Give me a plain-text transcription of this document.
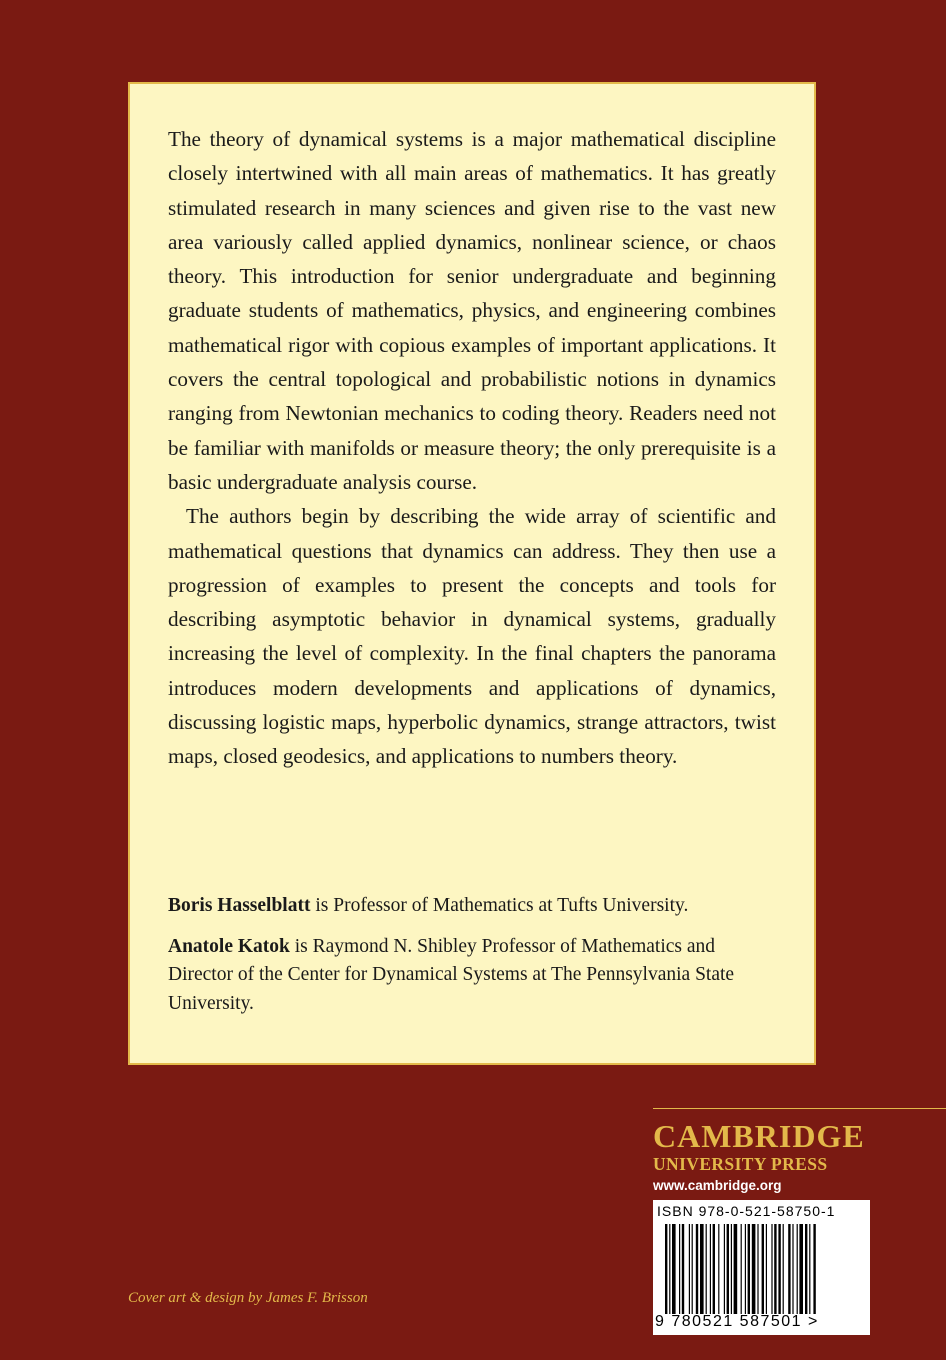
The theory of dynamical systems is a major mathematical discipline closely intertwined with all main areas of mathematics. It has greatly stimulated research in many sciences and given rise to the vast new area variously called applied dynamics, nonlinear science, or chaos theory. This introduction for senior undergraduate and beginning graduate students of mathematics, physics, and engineering combines mathematical rigor with copious examples of important applications. It covers the central topological and probabilistic notions in dynamics ranging from Newtonian mechanics to coding theory. Readers need not be familiar with manifolds or measure theory; the only prerequisite is a basic undergraduate analysis course.

The authors begin by describing the wide array of scientific and mathematical questions that dynamics can address. They then use a progression of examples to present the concepts and tools for describing asymptotic behavior in dynamical systems, gradually increasing the level of complexity. In the final chapters the panorama introduces modern developments and applications of dynamics, discussing logistic maps, hyperbolic dynamics, strange attractors, twist maps, closed geodesics, and applications to numbers theory.

Boris Hasselblatt is Professor of Mathematics at Tufts University.

Anatole Katok is Raymond N. Shibley Professor of Mathematics and Director of the Center for Dynamical Systems at The Pennsylvania State University.

CAMBRIDGE
UNIVERSITY PRESS
www.cambridge.org
ISBN 978-0-521-58750-1
9 780521 587501 >
Cover art & design by James F. Brisson
